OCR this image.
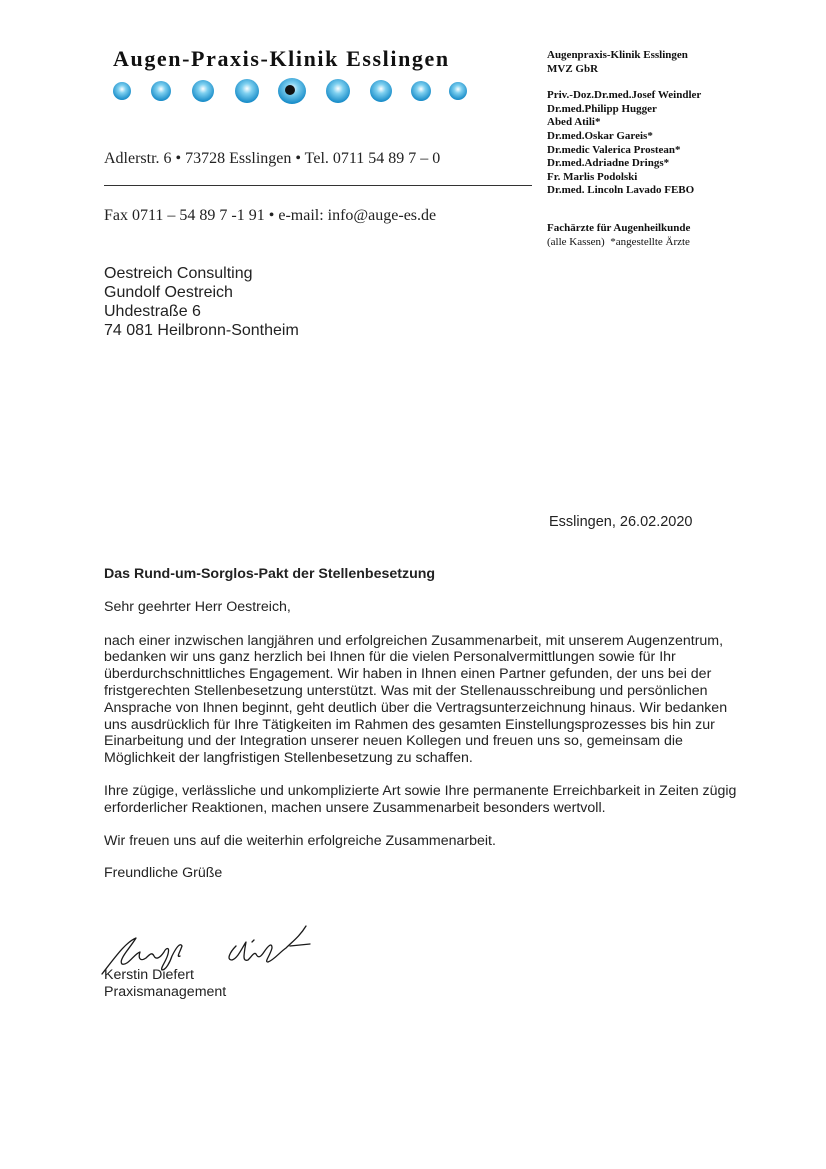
Augen-Praxis-Klinik Esslingen

Adlerstr. 6 • 73728 Esslingen • Tel. 0711 54 89 7 – 0

Fax 0711 – 54 89 7 -1 91 • e-mail: info@auge-es.de

Augenpraxis-Klinik Esslingen
MVZ GbR
Priv.-Doz.Dr.med.Josef Weindler
Dr.med.Philipp Hugger
Abed Atili*
Dr.med.Oskar Gareis*
Dr.medic Valerica Prostean*
Dr.med.Adriadne Drings*
Fr. Marlis Podolski
Dr.med. Lincoln Lavado FEBO
Fachärzte für Augenheilkunde
(alle Kassen)  *angestellte Ärzte
Oestreich Consulting
Gundolf Oestreich
Uhdestraße 6
74 081 Heilbronn-Sontheim
Esslingen, 26.02.2020
Das Rund-um-Sorglos-Pakt der Stellenbesetzung
Sehr geehrter Herr Oestreich,
nach einer inzwischen langjähren und erfolgreichen Zusammenarbeit, mit unserem Augenzentrum, bedanken wir uns ganz herzlich bei Ihnen für die vielen Personalvermittlungen sowie für Ihr überdurchschnittliches Engagement. Wir haben in Ihnen einen Partner gefunden, der uns bei der fristgerechten Stellenbesetzung unterstützt. Was mit der Stellenausschreibung und persönlichen Ansprache von Ihnen beginnt, geht deutlich über die Vertragsunterzeichnung hinaus. Wir bedanken uns ausdrücklich für Ihre Tätigkeiten im Rahmen des gesamten Einstellungsprozesses bis hin zur Einarbeitung und der Integration unserer neuen Kollegen und freuen uns so, gemeinsam die Möglichkeit der langfristigen Stellenbesetzung zu schaffen.
Ihre zügige, verlässliche und unkomplizierte Art sowie Ihre permanente Erreichbarkeit in Zeiten zügig erforderlicher Reaktionen, machen unsere Zusammenarbeit besonders wertvoll.
Wir freuen uns auf die weiterhin erfolgreiche Zusammenarbeit.
Freundliche Grüße
Kerstin Diefert
Praxismanagement
